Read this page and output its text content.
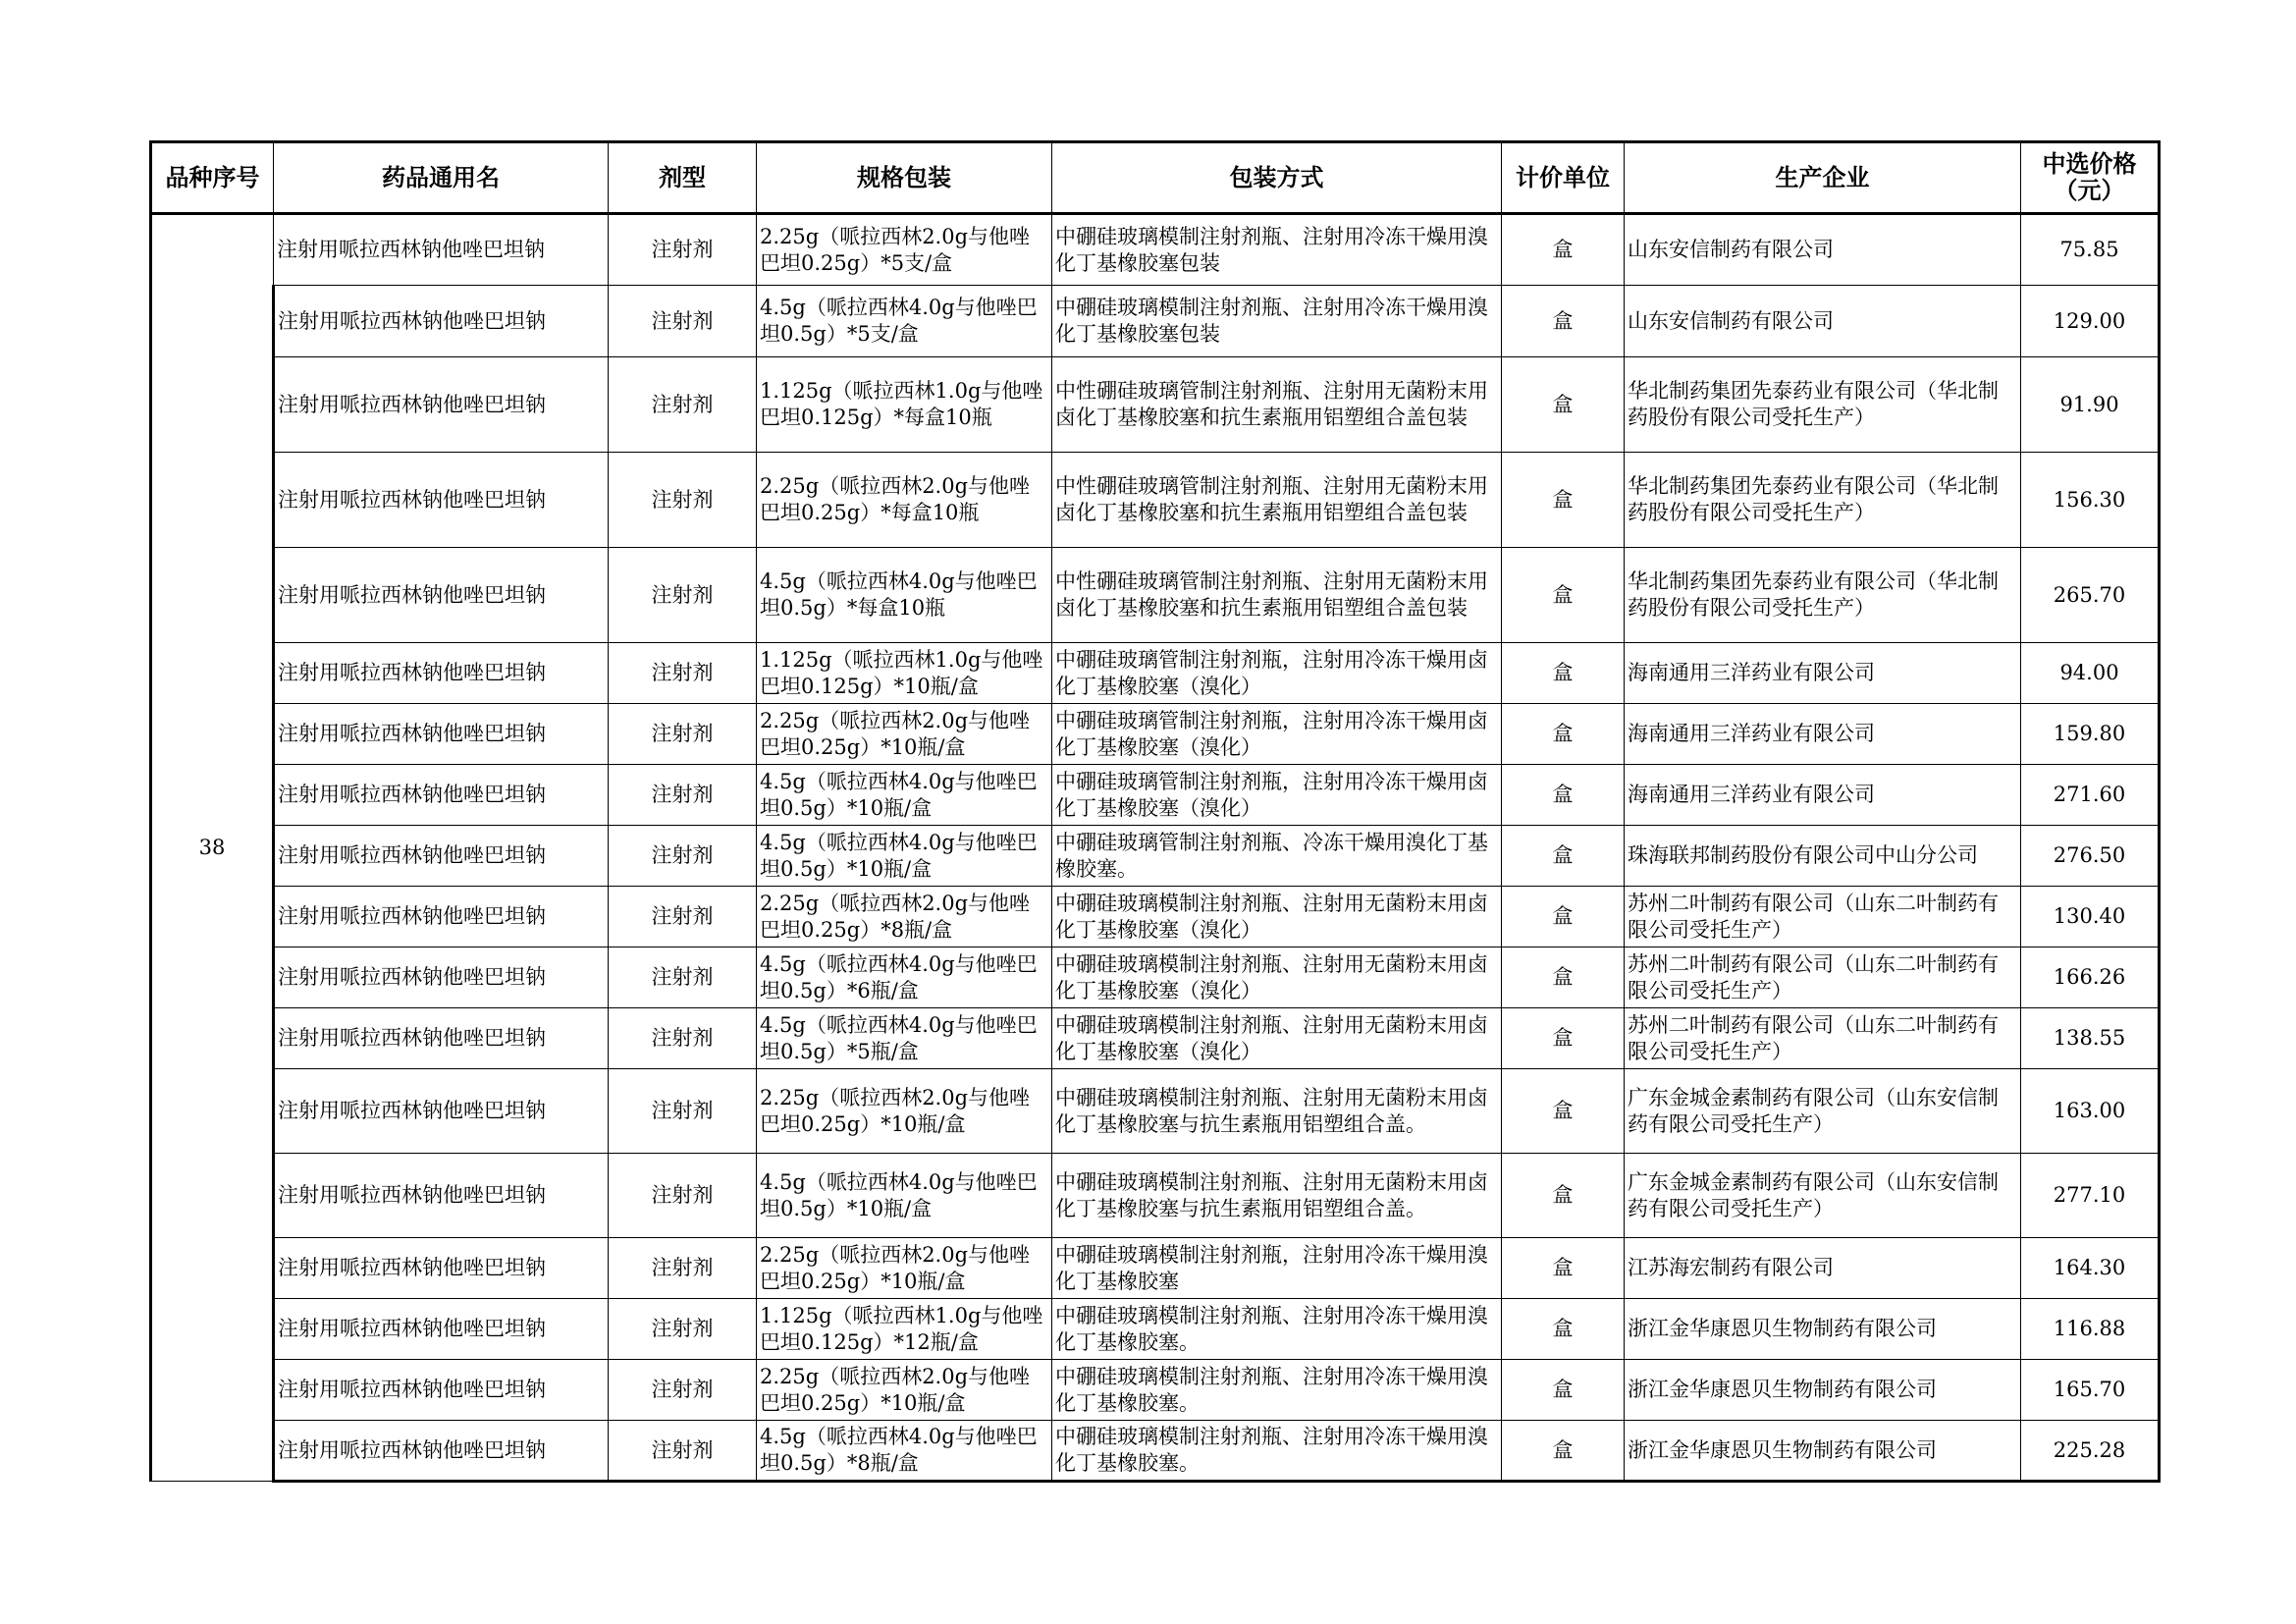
品种序号	药品通用名	剂型	规格包装	包装方式	计价单位	生产企业	中选价格（元）
38	注射用哌拉西林钠他唑巴坦钠	注射剂	2.25g（哌拉西林2.0g与他唑巴坦0.25g）*5支/盒	中硼硅玻璃模制注射剂瓶、注射用冷冻干燥用溴化丁基橡胶塞包装	盒	山东安信制药有限公司	75.85
	注射用哌拉西林钠他唑巴坦钠	注射剂	4.5g（哌拉西林4.0g与他唑巴坦0.5g）*5支/盒	中硼硅玻璃模制注射剂瓶、注射用冷冻干燥用溴化丁基橡胶塞包装	盒	山东安信制药有限公司	129.00
	注射用哌拉西林钠他唑巴坦钠	注射剂	1.125g（哌拉西林1.0g与他唑巴坦0.125g）*每盒10瓶	中性硼硅玻璃管制注射剂瓶、注射用无菌粉末用卤化丁基橡胶塞和抗生素瓶用铝塑组合盖包装	盒	华北制药集团先泰药业有限公司（华北制药股份有限公司受托生产）	91.90
	注射用哌拉西林钠他唑巴坦钠	注射剂	2.25g（哌拉西林2.0g与他唑巴坦0.25g）*每盒10瓶	中性硼硅玻璃管制注射剂瓶、注射用无菌粉末用卤化丁基橡胶塞和抗生素瓶用铝塑组合盖包装	盒	华北制药集团先泰药业有限公司（华北制药股份有限公司受托生产）	156.30
	注射用哌拉西林钠他唑巴坦钠	注射剂	4.5g（哌拉西林4.0g与他唑巴坦0.5g）*每盒10瓶	中性硼硅玻璃管制注射剂瓶、注射用无菌粉末用卤化丁基橡胶塞和抗生素瓶用铝塑组合盖包装	盒	华北制药集团先泰药业有限公司（华北制药股份有限公司受托生产）	265.70
	注射用哌拉西林钠他唑巴坦钠	注射剂	1.125g（哌拉西林1.0g与他唑巴坦0.125g）*10瓶/盒	中硼硅玻璃管制注射剂瓶，注射用冷冻干燥用卤化丁基橡胶塞（溴化）	盒	海南通用三洋药业有限公司	94.00
	注射用哌拉西林钠他唑巴坦钠	注射剂	2.25g（哌拉西林2.0g与他唑巴坦0.25g）*10瓶/盒	中硼硅玻璃管制注射剂瓶，注射用冷冻干燥用卤化丁基橡胶塞（溴化）	盒	海南通用三洋药业有限公司	159.80
	注射用哌拉西林钠他唑巴坦钠	注射剂	4.5g（哌拉西林4.0g与他唑巴坦0.5g）*10瓶/盒	中硼硅玻璃管制注射剂瓶，注射用冷冻干燥用卤化丁基橡胶塞（溴化）	盒	海南通用三洋药业有限公司	271.60
	注射用哌拉西林钠他唑巴坦钠	注射剂	4.5g（哌拉西林4.0g与他唑巴坦0.5g）*10瓶/盒	中硼硅玻璃管制注射剂瓶、冷冻干燥用溴化丁基橡胶塞。	盒	珠海联邦制药股份有限公司中山分公司	276.50
	注射用哌拉西林钠他唑巴坦钠	注射剂	2.25g（哌拉西林2.0g与他唑巴坦0.25g）*8瓶/盒	中硼硅玻璃模制注射剂瓶、注射用无菌粉末用卤化丁基橡胶塞（溴化）	盒	苏州二叶制药有限公司（山东二叶制药有限公司受托生产）	130.40
	注射用哌拉西林钠他唑巴坦钠	注射剂	4.5g（哌拉西林4.0g与他唑巴坦0.5g）*6瓶/盒	中硼硅玻璃模制注射剂瓶、注射用无菌粉末用卤化丁基橡胶塞（溴化）	盒	苏州二叶制药有限公司（山东二叶制药有限公司受托生产）	166.26
	注射用哌拉西林钠他唑巴坦钠	注射剂	4.5g（哌拉西林4.0g与他唑巴坦0.5g）*5瓶/盒	中硼硅玻璃模制注射剂瓶、注射用无菌粉末用卤化丁基橡胶塞（溴化）	盒	苏州二叶制药有限公司（山东二叶制药有限公司受托生产）	138.55
	注射用哌拉西林钠他唑巴坦钠	注射剂	2.25g（哌拉西林2.0g与他唑巴坦0.25g）*10瓶/盒	中硼硅玻璃模制注射剂瓶、注射用无菌粉末用卤化丁基橡胶塞与抗生素瓶用铝塑组合盖。	盒	广东金城金素制药有限公司（山东安信制药有限公司受托生产）	163.00
	注射用哌拉西林钠他唑巴坦钠	注射剂	4.5g（哌拉西林4.0g与他唑巴坦0.5g）*10瓶/盒	中硼硅玻璃模制注射剂瓶、注射用无菌粉末用卤化丁基橡胶塞与抗生素瓶用铝塑组合盖。	盒	广东金城金素制药有限公司（山东安信制药有限公司受托生产）	277.10
	注射用哌拉西林钠他唑巴坦钠	注射剂	2.25g（哌拉西林2.0g与他唑巴坦0.25g）*10瓶/盒	中硼硅玻璃模制注射剂瓶，注射用冷冻干燥用溴化丁基橡胶塞	盒	江苏海宏制药有限公司	164.30
	注射用哌拉西林钠他唑巴坦钠	注射剂	1.125g（哌拉西林1.0g与他唑巴坦0.125g）*12瓶/盒	中硼硅玻璃模制注射剂瓶、注射用冷冻干燥用溴化丁基橡胶塞。	盒	浙江金华康恩贝生物制药有限公司	116.88
	注射用哌拉西林钠他唑巴坦钠	注射剂	2.25g（哌拉西林2.0g与他唑巴坦0.25g）*10瓶/盒	中硼硅玻璃模制注射剂瓶、注射用冷冻干燥用溴化丁基橡胶塞。	盒	浙江金华康恩贝生物制药有限公司	165.70
	注射用哌拉西林钠他唑巴坦钠	注射剂	4.5g（哌拉西林4.0g与他唑巴坦0.5g）*8瓶/盒	中硼硅玻璃模制注射剂瓶、注射用冷冻干燥用溴化丁基橡胶塞。	盒	浙江金华康恩贝生物制药有限公司	225.28
